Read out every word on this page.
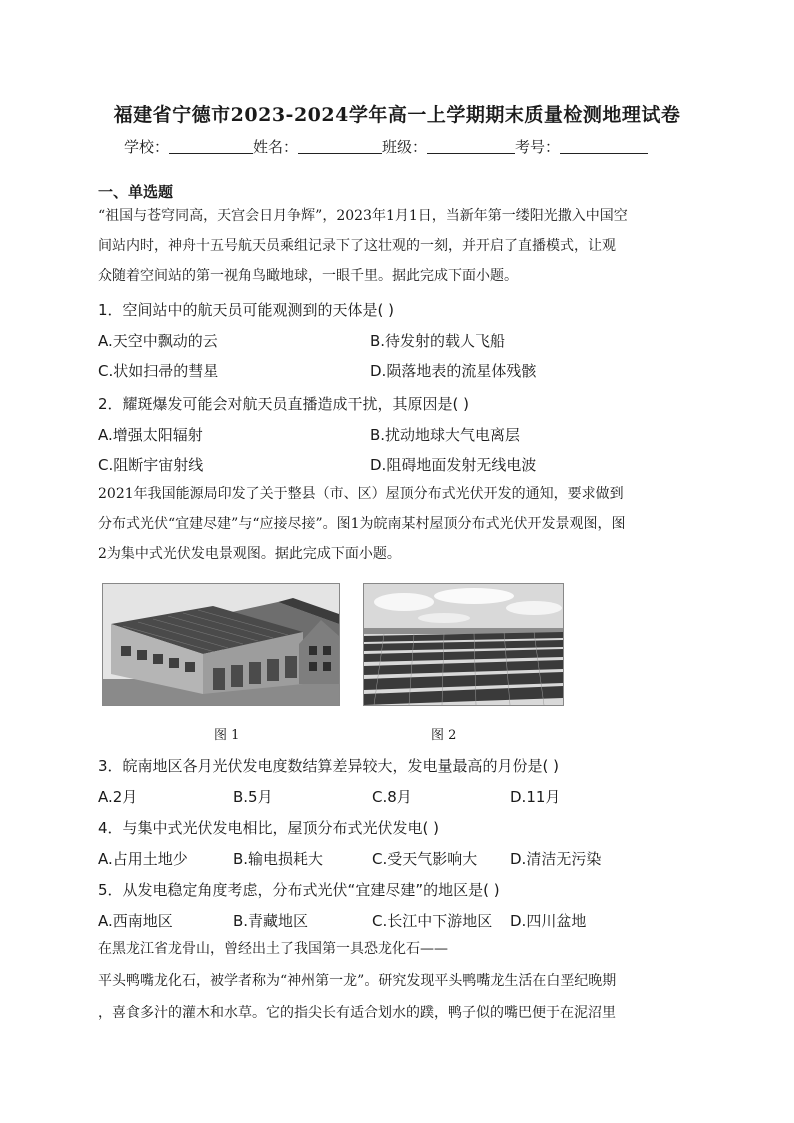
福建省宁德市2023-2024学年高一上学期期末质量检测地理试卷
学校：	姓名：	班级：	考号：
一、单选题
“祖国与苍穹同高，天宫会日月争辉”，2023年1月1日，当新年第一缕阳光撒入中国空
间站内时，神舟十五号航天员乘组记录下了这壮观的一刻，并开启了直播模式，让观
众随着空间站的第一视角鸟瞰地球，一眼千里。据此完成下面小题。
1．空间站中的航天员可能观测到的天体是( )
A.天空中飘动的云	B.待发射的载人飞船
C.状如扫帚的彗星	D.陨落地表的流星体残骸
2．耀斑爆发可能会对航天员直播造成干扰，其原因是( )
A.增强太阳辐射	B.扰动地球大气电离层
C.阻断宇宙射线	D.阻碍地面发射无线电波
2021年我国能源局印发了关于整县（市、区）屋顶分布式光伏开发的通知，要求做到
分布式光伏“宜建尽建”与“应接尽接”。图1为皖南某村屋顶分布式光伏开发景观图，图
2为集中式光伏发电景观图。据此完成下面小题。
图 1	图 2
3．皖南地区各月光伏发电度数结算差异较大，发电量最高的月份是( )
A.2月	B.5月	C.8月	D.11月
4．与集中式光伏发电相比，屋顶分布式光伏发电( )
A.占用土地少	B.输电损耗大	C.受天气影响大 D.清洁无污染
5．从发电稳定角度考虑，分布式光伏“宜建尽建”的地区是( )
A.西南地区	B.青藏地区	C.长江中下游地区 D.四川盆地
在黑龙江省龙骨山，曾经出土了我国第一具恐龙化石——
平头鸭嘴龙化石，被学者称为“神州第一龙”。研究发现平头鸭嘴龙生活在白垩纪晚期
，喜食多汁的灌木和水草。它的指尖长有适合划水的蹼，鸭子似的嘴巴便于在泥沼里
